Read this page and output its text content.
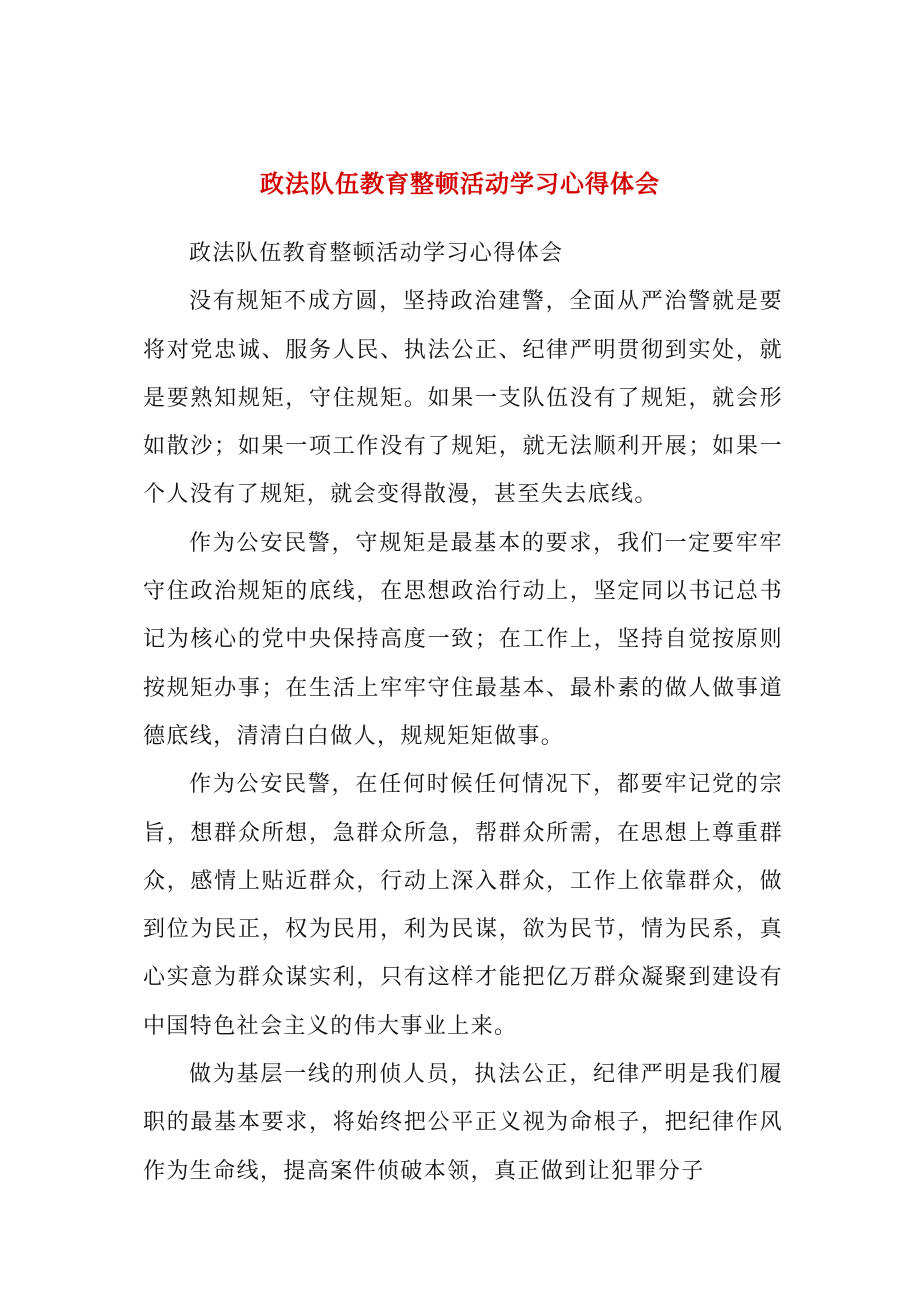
政法队伍教育整顿活动学习心得体会

政法队伍教育整顿活动学习心得体会

没有规矩不成方圆，坚持政治建警，全面从严治警就是要将对党忠诚、服务人民、执法公正、纪律严明贯彻到实处，就是要熟知规矩，守住规矩。如果一支队伍没有了规矩，就会形如散沙；如果一项工作没有了规矩，就无法顺利开展；如果一个人没有了规矩，就会变得散漫，甚至失去底线。

作为公安民警，守规矩是最基本的要求，我们一定要牢牢守住政治规矩的底线，在思想政治行动上，坚定同以书记总书记为核心的党中央保持高度一致；在工作上，坚持自觉按原则按规矩办事；在生活上牢牢守住最基本、最朴素的做人做事道德底线，清清白白做人，规规矩矩做事。

作为公安民警，在任何时候任何情况下，都要牢记党的宗旨，想群众所想，急群众所急，帮群众所需，在思想上尊重群众，感情上贴近群众，行动上深入群众，工作上依靠群众，做到位为民正，权为民用，利为民谋，欲为民节，情为民系，真心实意为群众谋实利，只有这样才能把亿万群众凝聚到建设有中国特色社会主义的伟大事业上来。

做为基层一线的刑侦人员，执法公正，纪律严明是我们履职的最基本要求，将始终把公平正义视为命根子，把纪律作风作为生命线，提高案件侦破本领，真正做到让犯罪分子
